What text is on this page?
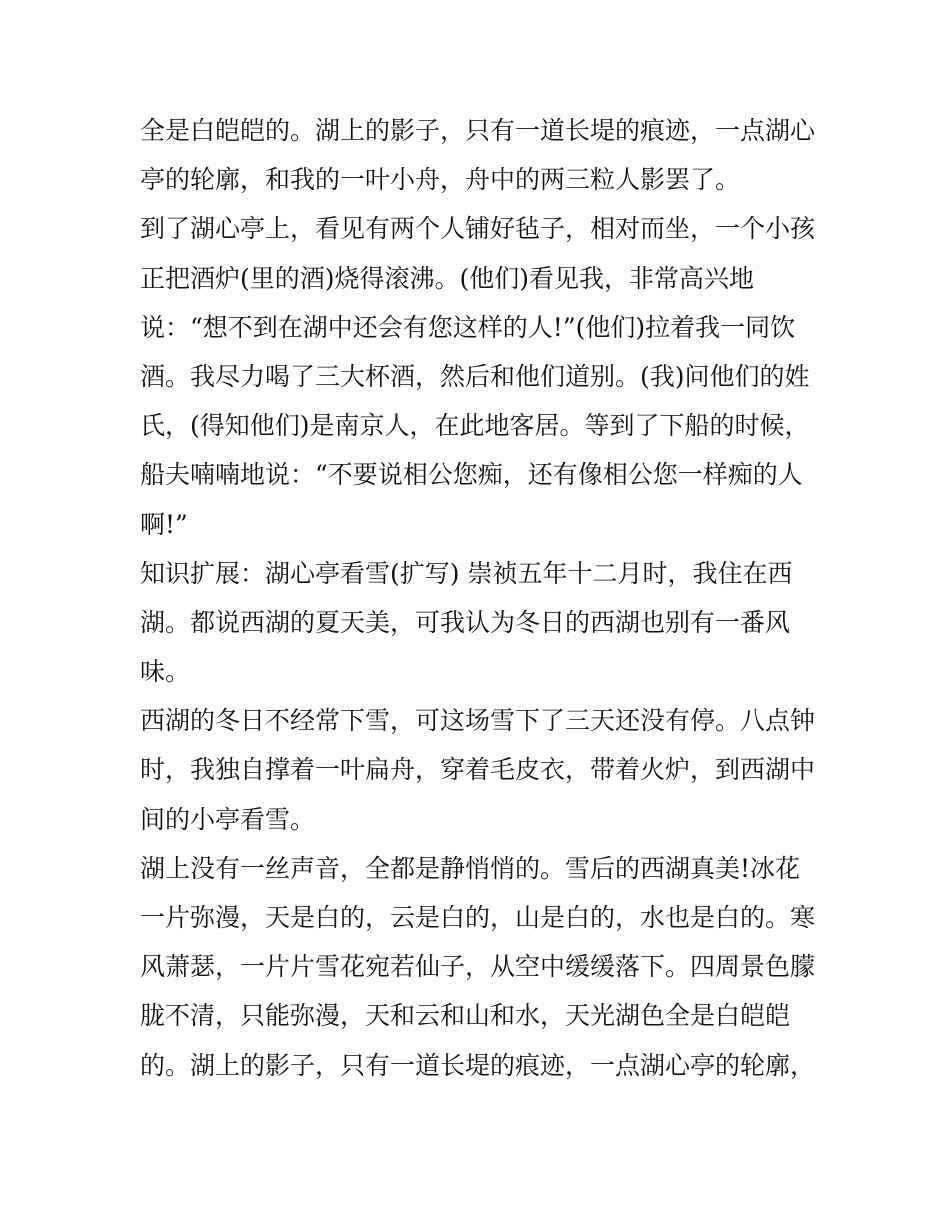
全是白皑皑的。湖上的影子，只有一道长堤的痕迹，一点湖心
亭的轮廓，和我的一叶小舟，舟中的两三粒人影罢了。
到了湖心亭上，看见有两个人铺好毡子，相对而坐，一个小孩
正把酒炉(里的酒)烧得滚沸。(他们)看见我，非常高兴地
说：“想不到在湖中还会有您这样的人!”(他们)拉着我一同饮
酒。我尽力喝了三大杯酒，然后和他们道别。(我)问他们的姓
氏，(得知他们)是南京人，在此地客居。等到了下船的时候，
船夫喃喃地说：“不要说相公您痴，还有像相公您一样痴的人
啊!”
知识扩展：湖心亭看雪(扩写) 崇祯五年十二月时，我住在西
湖。都说西湖的夏天美，可我认为冬日的西湖也别有一番风
味。
西湖的冬日不经常下雪，可这场雪下了三天还没有停。八点钟
时，我独自撑着一叶扁舟，穿着毛皮衣，带着火炉，到西湖中
间的小亭看雪。
湖上没有一丝声音，全都是静悄悄的。雪后的西湖真美!冰花
一片弥漫，天是白的，云是白的，山是白的，水也是白的。寒
风萧瑟，一片片雪花宛若仙子，从空中缓缓落下。四周景色朦
胧不清，只能弥漫，天和云和山和水，天光湖色全是白皑皑
的。湖上的影子，只有一道长堤的痕迹，一点湖心亭的轮廓，
